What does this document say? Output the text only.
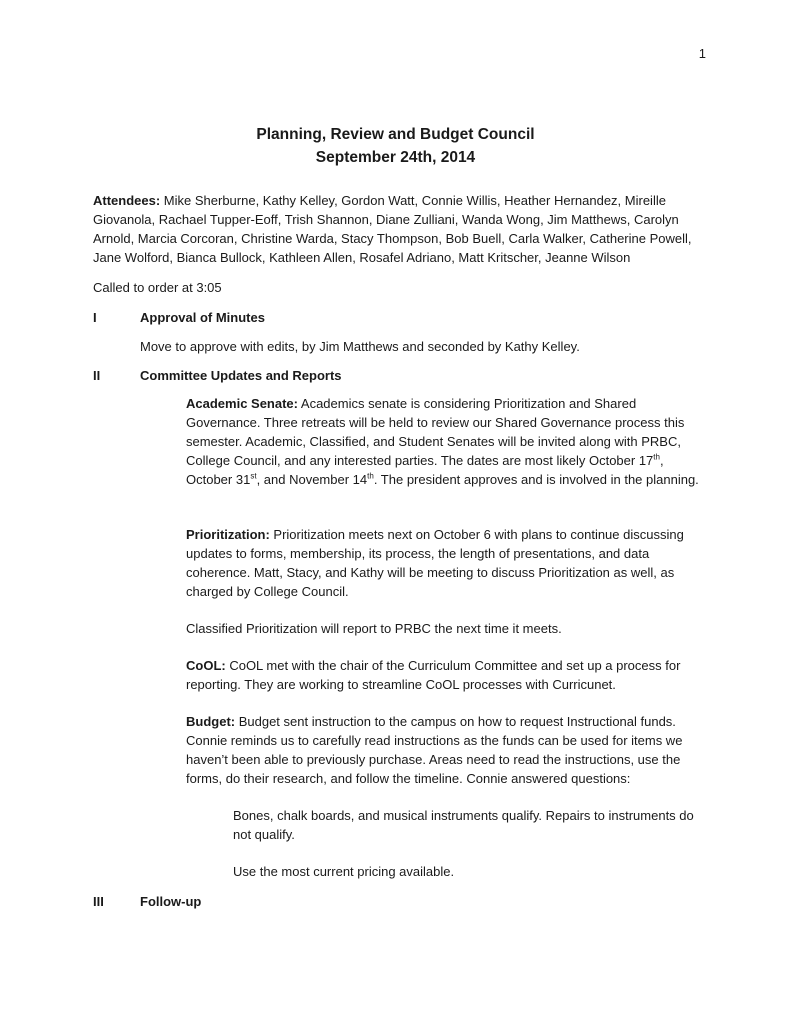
1
Planning, Review and Budget Council
September 24th, 2014
Attendees: Mike Sherburne, Kathy Kelley, Gordon Watt, Connie Willis, Heather Hernandez, Mireille Giovanola, Rachael Tupper-Eoff, Trish Shannon, Diane Zulliani, Wanda Wong, Jim Matthews, Carolyn Arnold, Marcia Corcoran, Christine Warda, Stacy Thompson, Bob Buell, Carla Walker, Catherine Powell, Jane Wolford, Bianca Bullock, Kathleen Allen, Rosafel Adriano, Matt Kritscher, Jeanne Wilson
Called to order at 3:05
I	Approval of Minutes
Move to approve with edits, by Jim Matthews and seconded by Kathy Kelley.
II	Committee Updates and Reports
Academic Senate: Academics senate is considering Prioritization and Shared Governance. Three retreats will be held to review our Shared Governance process this semester. Academic, Classified, and Student Senates will be invited along with PRBC, College Council, and any interested parties. The dates are most likely October 17th, October 31st, and November 14th. The president approves and is involved in the planning.
Prioritization: Prioritization meets next on October 6 with plans to continue discussing updates to forms, membership, its process, the length of presentations, and data coherence. Matt, Stacy, and Kathy will be meeting to discuss Prioritization as well, as charged by College Council.
Classified Prioritization will report to PRBC the next time it meets.
CoOL: CoOL met with the chair of the Curriculum Committee and set up a process for reporting. They are working to streamline CoOL processes with Curricunet.
Budget: Budget sent instruction to the campus on how to request Instructional funds. Connie reminds us to carefully read instructions as the funds can be used for items we haven’t been able to previously purchase. Areas need to read the instructions, use the forms, do their research, and follow the timeline. Connie answered questions:
Bones, chalk boards, and musical instruments qualify. Repairs to instruments do not qualify.
Use the most current pricing available.
III	Follow-up
